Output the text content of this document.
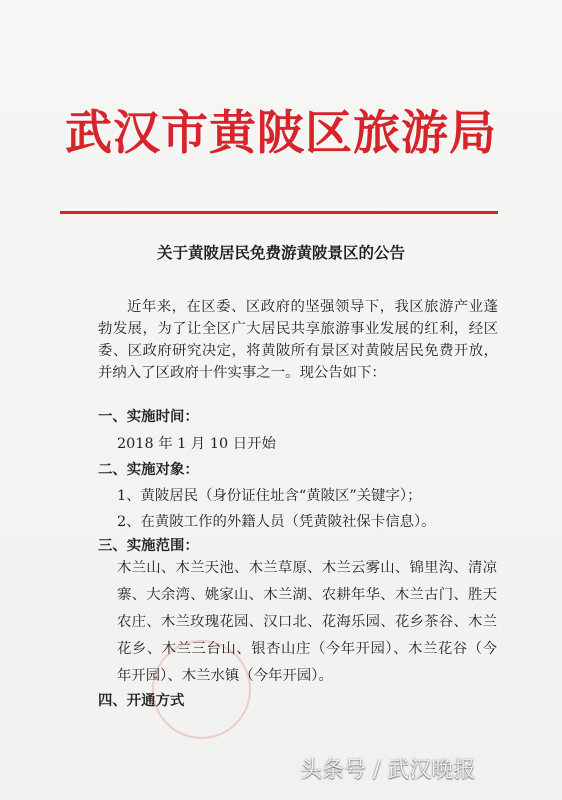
武汉市黄陂区旅游局
关于黄陂居民免费游黄陂景区的公告
近年来，在区委、区政府的坚强领导下，我区旅游产业蓬勃发展，为了让全区广大居民共享旅游事业发展的红利，经区委、区政府研究决定，将黄陂所有景区对黄陂居民免费开放，并纳入了区政府十件实事之一。现公告如下：
一、实施时间：
2018 年 1 月 10 日开始
二、实施对象：
1、黄陂居民（身份证住址含“黄陂区”关键字）；
2、在黄陂工作的外籍人员（凭黄陂社保卡信息）。
三、实施范围：
木兰山、木兰天池、木兰草原、木兰云雾山、锦里沟、清凉寨、大余湾、姚家山、木兰湖、农耕年华、木兰古门、胜天农庄、木兰玫瑰花园、汉口北、花海乐园、花乡茶谷、木兰花乡、木兰三台山、银杏山庄（今年开园）、木兰花谷（今年开园）、木兰水镇（今年开园）。
四、开通方式
头条号 / 武汉晚报
